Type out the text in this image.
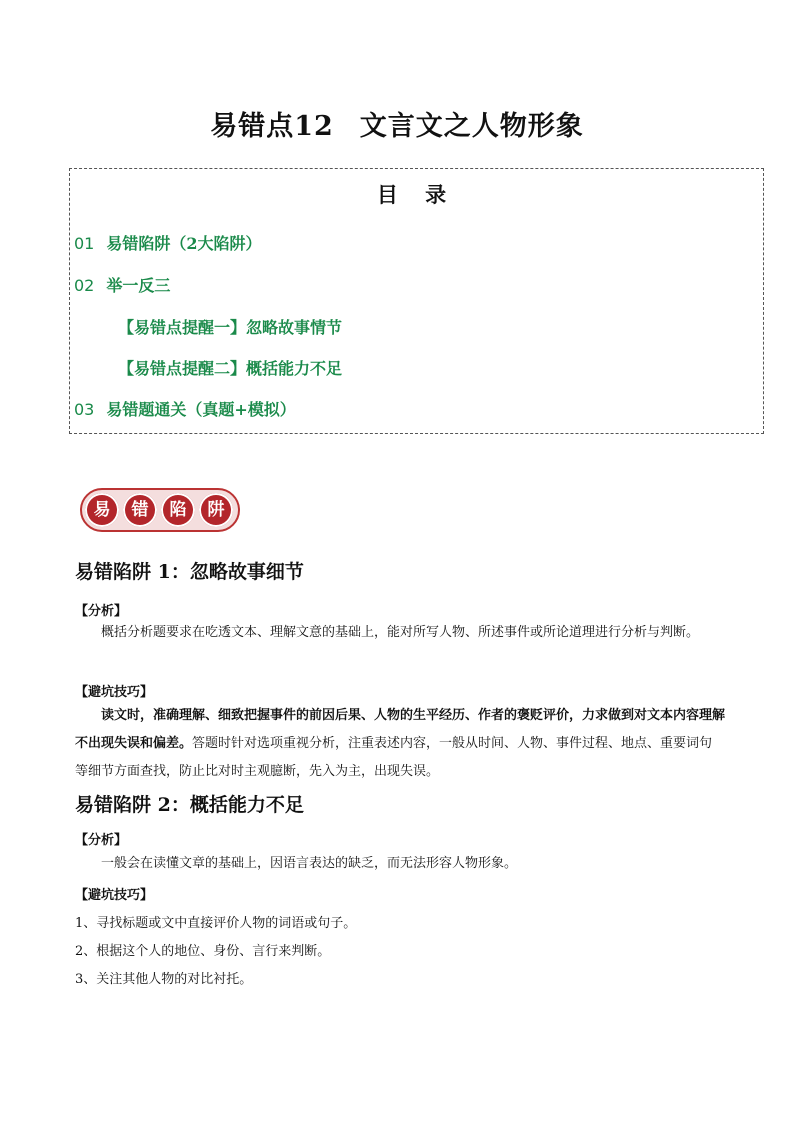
易错点12 文言文之人物形象
目 录
01 易错陷阱（2大陷阱）
02 举一反三
【易错点提醒一】忽略故事情节
【易错点提醒二】概括能力不足
03 易错题通关（真题+模拟）
易	错	陷	阱
易错陷阱 1：忽略故事细节
【分析】
概括分析题要求在吃透文本、理解文意的基础上，能对所写人物、所述事件或所论道理进行分析与判断。
【避坑技巧】
读文时，准确理解、细致把握事件的前因后果、人物的生平经历、作者的褒贬评价，力求做到对文本内容理解不出现失误和偏差。答题时针对选项重视分析，注重表述内容，一般从时间、人物、事件过程、地点、重要词句等细节方面查找，防止比对时主观臆断，先入为主，出现失误。
易错陷阱 2：概括能力不足
【分析】
一般会在读懂文章的基础上，因语言表达的缺乏，而无法形容人物形象。
【避坑技巧】
1、寻找标题或文中直接评价人物的词语或句子。
2、根据这个人的地位、身份、言行来判断。
3、关注其他人物的对比衬托。
